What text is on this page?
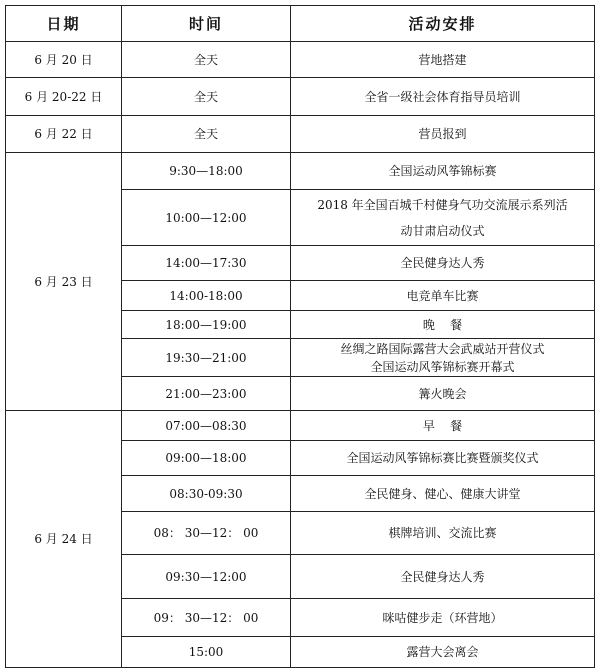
日期	时间	活动安排
6 月 20 日	全天	营地搭建
6 月 20-22 日	全天	全省一级社会体育指导员培训
6 月 22 日	全天	营员报到
6 月 23 日	9:30—18:00	全国运动风筝锦标赛
	10:00—12:00	2018 年全国百城千村健身气功交流展示系列活
动甘肃启动仪式

	14:00—17:30	全民健身达人秀
	14:00-18:00	电竞单车比赛
	18:00—19:00	晚    餐
	19:30—21:00	丝绸之路国际露营大会武威站开营仪式
全国运动风筝锦标赛开幕式

	21:00—23:00	篝火晚会
6 月 24 日	07:00—08:30	早    餐
	09:00—18:00	全国运动风筝锦标赛比赛暨颁奖仪式
	08:30-09:30	全民健身、健心、健康大讲堂
	08： 30—12： 00	棋牌培训、交流比赛
	09:30—12:00	全民健身达人秀
	09： 30—12： 00	咪咕健步走（环营地）
	15:00	露营大会离会
